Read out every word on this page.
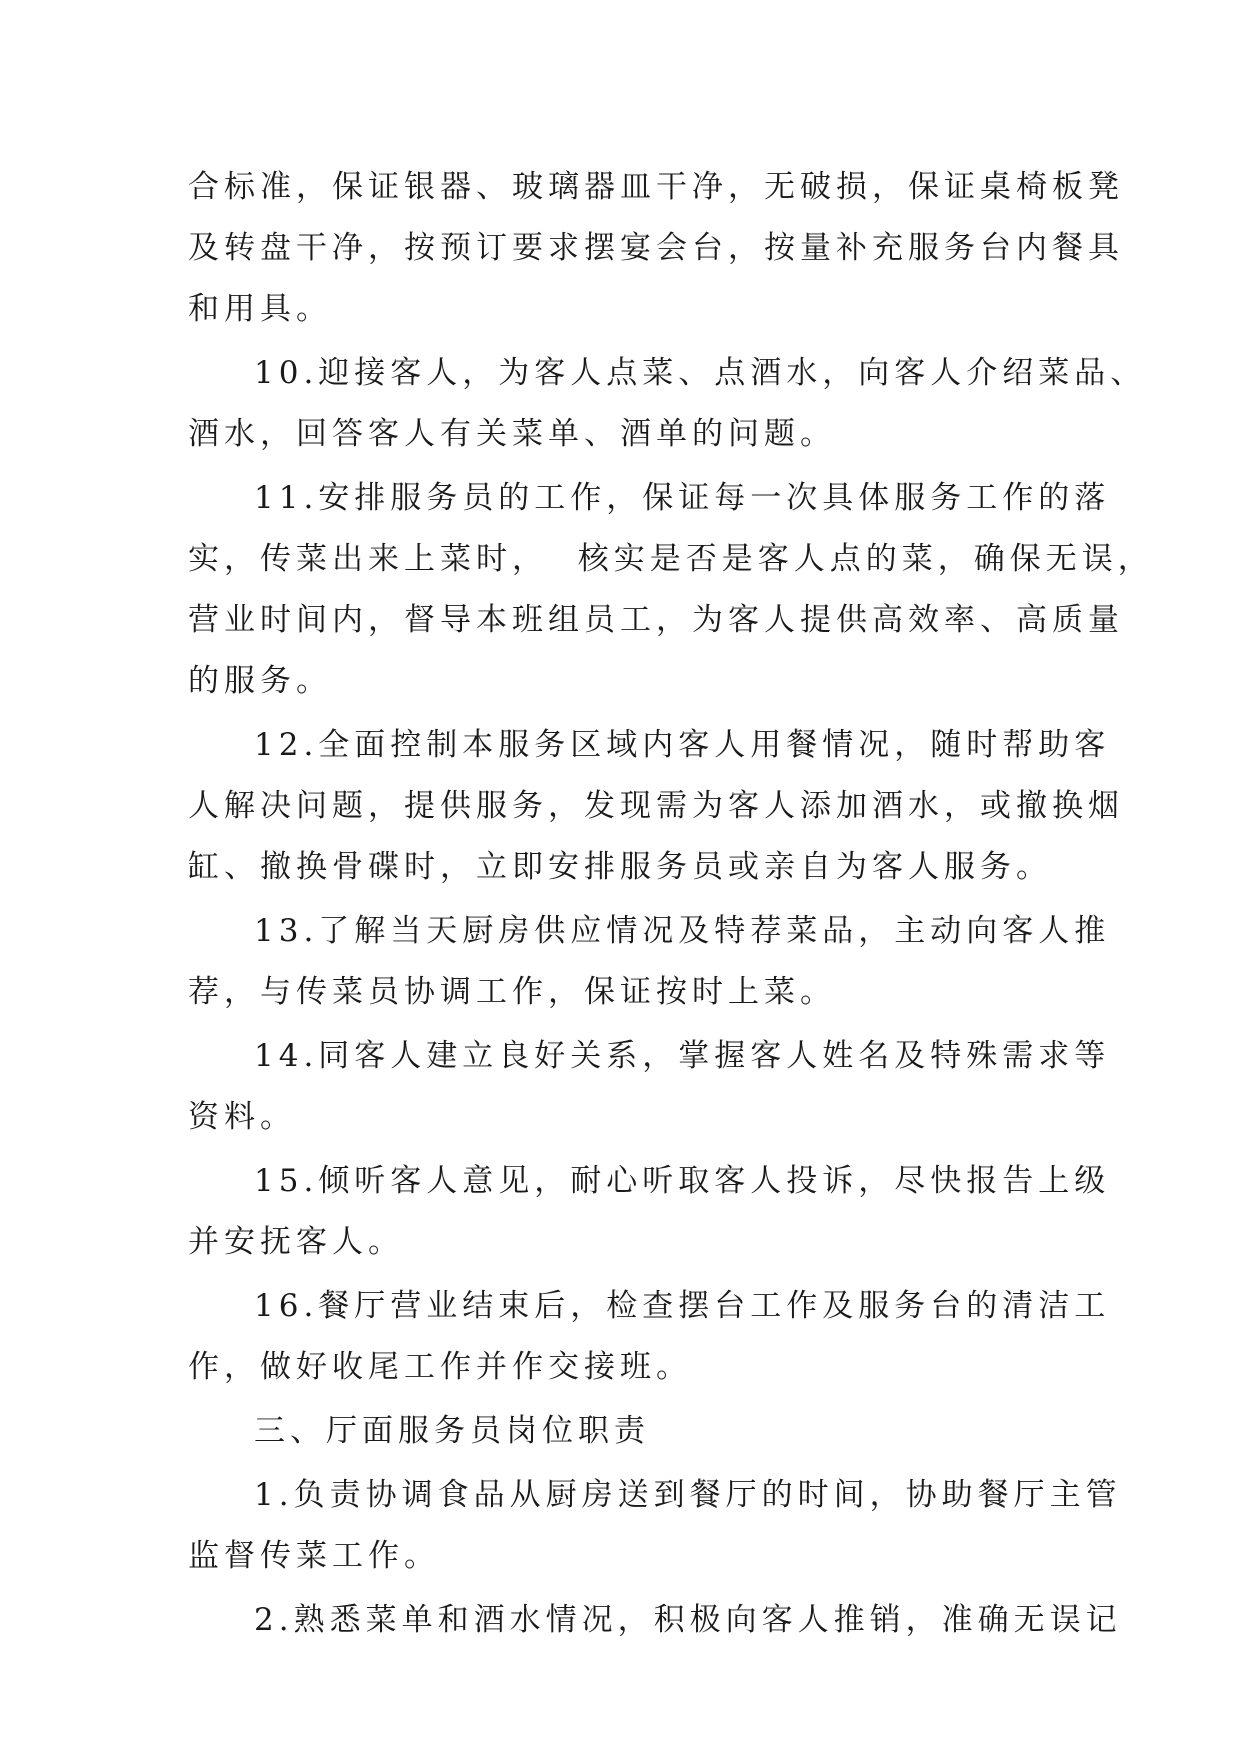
合标准，保证银器、玻璃器皿干净，无破损，保证桌椅板凳
及转盘干净，按预订要求摆宴会台，按量补充服务台内餐具
和用具。
10.迎接客人，为客人点菜、点酒水，向客人介绍菜品、
酒水，回答客人有关菜单、酒单的问题。
11.安排服务员的工作，保证每一次具体服务工作的落
实，传菜出来上菜时，  核实是否是客人点的菜，确保无误，
营业时间内，督导本班组员工，为客人提供高效率、高质量
的服务。
12.全面控制本服务区域内客人用餐情况，随时帮助客
人解决问题，提供服务，发现需为客人添加酒水，或撤换烟
缸、撤换骨碟时，立即安排服务员或亲自为客人服务。
13.了解当天厨房供应情况及特荐菜品，主动向客人推
荐，与传菜员协调工作，保证按时上菜。
14.同客人建立良好关系，掌握客人姓名及特殊需求等
资料。
15.倾听客人意见，耐心听取客人投诉，尽快报告上级
并安抚客人。
16.餐厅营业结束后，检查摆台工作及服务台的清洁工
作，做好收尾工作并作交接班。
三、厅面服务员岗位职责
1.负责协调食品从厨房送到餐厅的时间，协助餐厅主管
监督传菜工作。
2.熟悉菜单和酒水情况，积极向客人推销，准确无误记
